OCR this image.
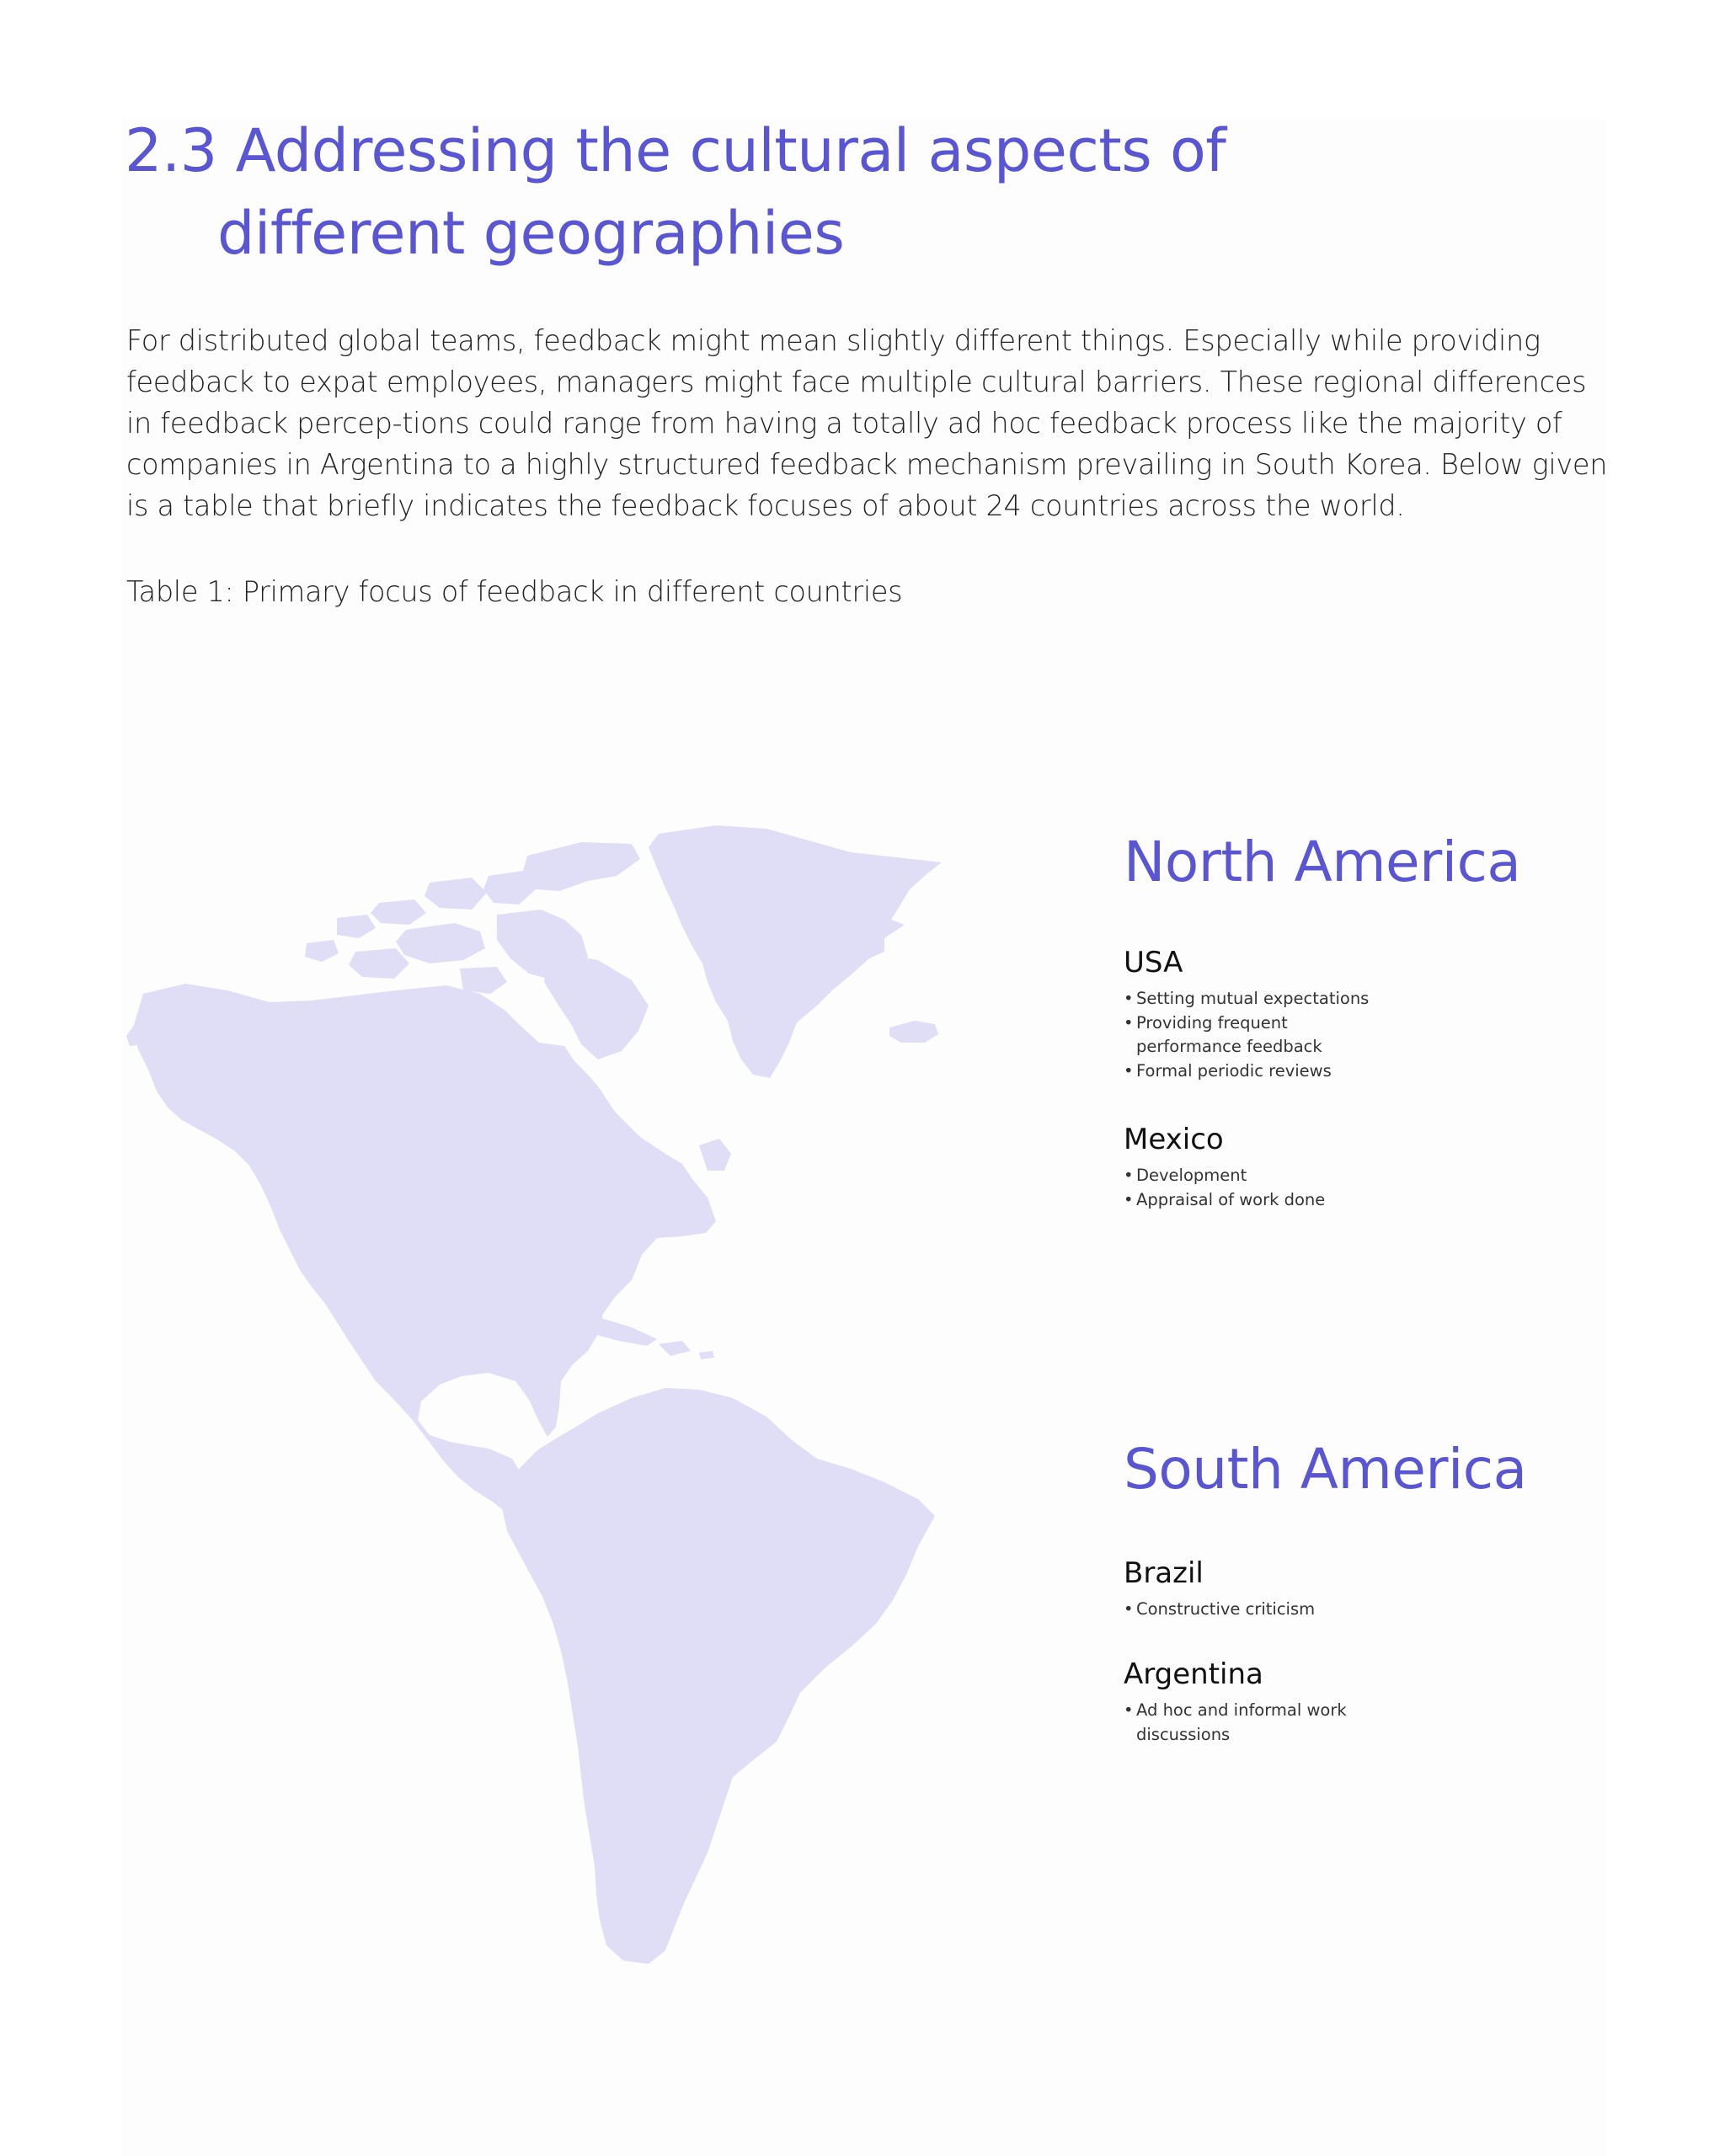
2.3 Addressing the cultural aspects of
different geographies

For distributed global teams, feedback might mean slightly different things. Especially while providing feedback to expat employees, managers might face multiple cultural barriers. These regional differences in feedback percep-tions could range from having a totally ad hoc feedback process like the majority of companies in Argentina to a highly structured feedback mechanism prevailing in South Korea. Below given is a table that briefly indicates the feedback focuses of about 24 countries across the world.

Table 1: Primary focus of feedback in different countries

North America
USA
• Setting mutual expectations
• Providing frequent performance feedback
• Formal periodic reviews
Mexico
• Development
• Appraisal of work done
South America
Brazil
• Constructive criticism
Argentina
• Ad hoc and informal work discussions
